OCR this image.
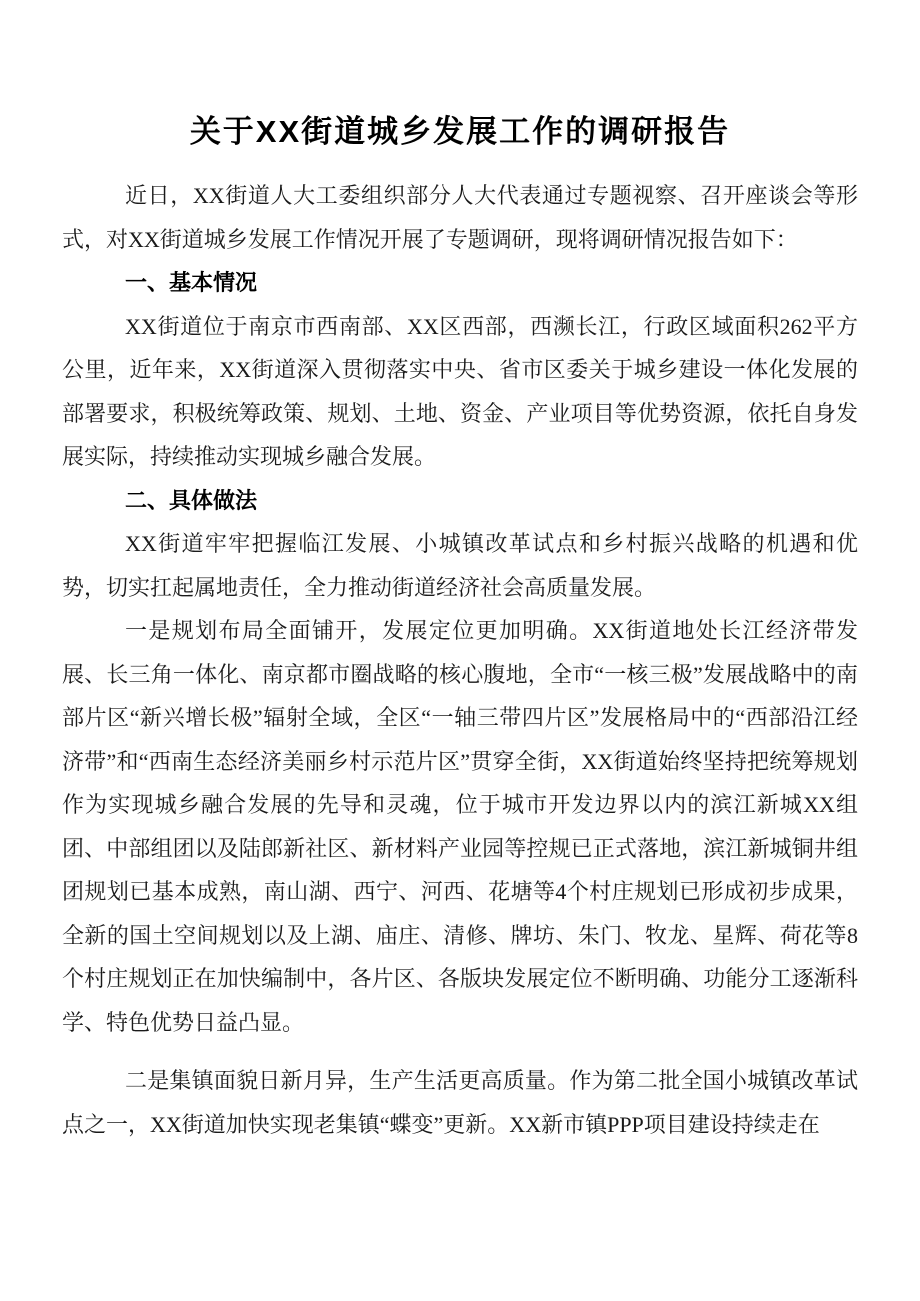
关于XX街道城乡发展工作的调研报告

近日，XX街道人大工委组织部分人大代表通过专题视察、召开座谈会等形式，对XX街道城乡发展工作情况开展了专题调研，现将调研情况报告如下：

一、基本情况

XX街道位于南京市西南部、XX区西部，西濒长江，行政区域面积262平方公里，近年来，XX街道深入贯彻落实中央、省市区委关于城乡建设一体化发展的部署要求，积极统筹政策、规划、土地、资金、产业项目等优势资源，依托自身发展实际，持续推动实现城乡融合发展。

二、具体做法

XX街道牢牢把握临江发展、小城镇改革试点和乡村振兴战略的机遇和优势，切实扛起属地责任，全力推动街道经济社会高质量发展。

一是规划布局全面铺开，发展定位更加明确。XX街道地处长江经济带发展、长三角一体化、南京都市圈战略的核心腹地，全市“一核三极”发展战略中的南部片区“新兴增长极”辐射全域，全区“一轴三带四片区”发展格局中的“西部沿江经济带”和“西南生态经济美丽乡村示范片区”贯穿全街，XX街道始终坚持把统筹规划作为实现城乡融合发展的先导和灵魂，位于城市开发边界以内的滨江新城XX组团、中部组团以及陆郎新社区、新材料产业园等控规已正式落地，滨江新城铜井组团规划已基本成熟，南山湖、西宁、河西、花塘等4个村庄规划已形成初步成果，全新的国土空间规划以及上湖、庙庄、清修、牌坊、朱门、牧龙、星辉、荷花等8个村庄规划正在加快编制中，各片区、各版块发展定位不断明确、功能分工逐渐科学、特色优势日益凸显。

二是集镇面貌日新月异，生产生活更高质量。作为第二批全国小城镇改革试点之一，XX街道加快实现老集镇“蝶变”更新。XX新市镇PPP项目建设持续走在
